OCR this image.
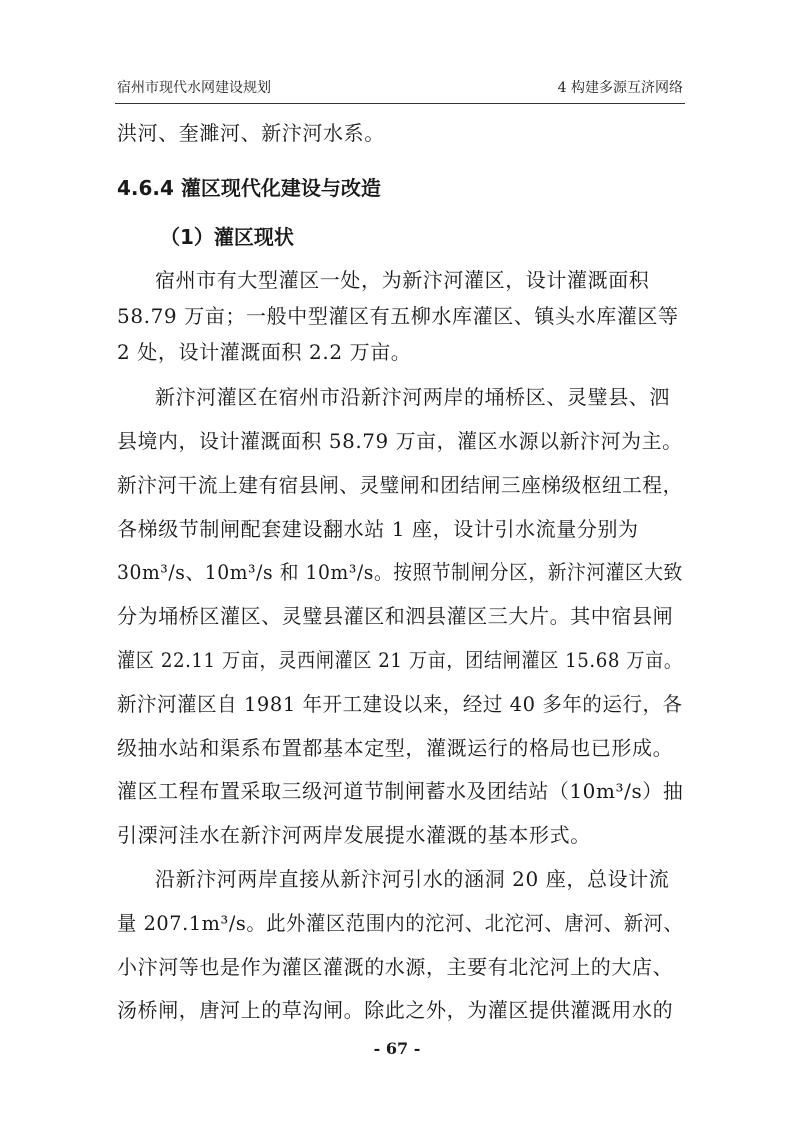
宿州市现代水网建设规划	4 构建多源互济网络
洪河、奎濉河、新汴河水系。
4.6.4 灌区现代化建设与改造
（1）灌区现状
宿州市有大型灌区一处，为新汴河灌区，设计灌溉面积
58.79 万亩；一般中型灌区有五柳水库灌区、镇头水库灌区等
2 处，设计灌溉面积 2.2 万亩。
新汴河灌区在宿州市沿新汴河两岸的埇桥区、灵璧县、泗
县境内，设计灌溉面积 58.79 万亩，灌区水源以新汴河为主。
新汴河干流上建有宿县闸、灵璧闸和团结闸三座梯级枢纽工程，
各梯级节制闸配套建设翻水站 1 座，设计引水流量分别为
30m³/s、10m³/s 和 10m³/s。按照节制闸分区，新汴河灌区大致
分为埇桥区灌区、灵璧县灌区和泗县灌区三大片。其中宿县闸
灌区 22.11 万亩，灵西闸灌区 21 万亩，团结闸灌区 15.68 万亩。
新汴河灌区自 1981 年开工建设以来，经过 40 多年的运行，各
级抽水站和渠系布置都基本定型，灌溉运行的格局也已形成。
灌区工程布置采取三级河道节制闸蓄水及团结站（10m³/s）抽
引溧河洼水在新汴河两岸发展提水灌溉的基本形式。
沿新汴河两岸直接从新汴河引水的涵洞 20 座，总设计流
量 207.1m³/s。此外灌区范围内的沱河、北沱河、唐河、新河、
小汴河等也是作为灌区灌溉的水源，主要有北沱河上的大店、
汤桥闸，唐河上的草沟闸。除此之外，为灌区提供灌溉用水的
- 67 -
